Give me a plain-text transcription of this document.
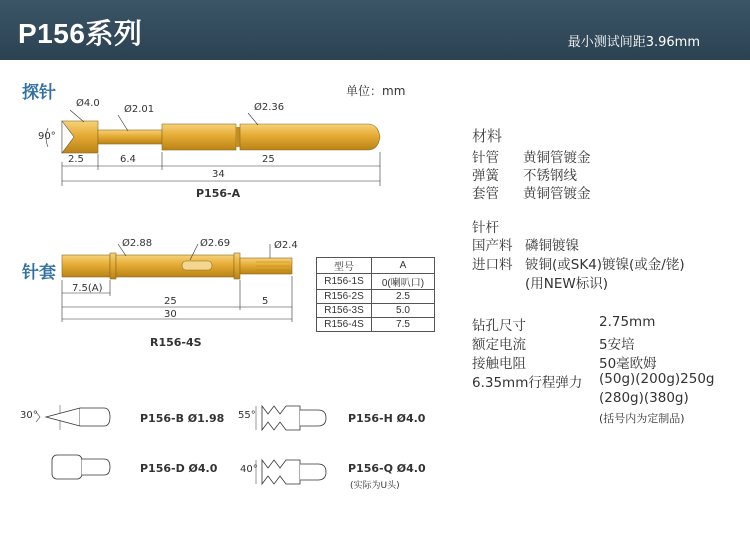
P156系列	最小测试间距3.96mm
探针	单位：mm
Ø4.0
Ø2.01	Ø2.36
90°
2.5	6.4	25
34
P156-A
针套
Ø2.88	Ø2.69	Ø2.4
7.5(A)
25	5
30
R156-4S
型号	A
R156-1S	0(喇叭口)
R156-2S	2.5
R156-3S	5.0
R156-4S	7.5
30°	P156-B Ø1.98 55°	P156-H Ø4.0
P156-D Ø4.0 40°	P156-Q Ø4.0
(实际为U头)
材料
针管 黄铜管镀金
弹簧 不锈钢线
套管 黄铜管镀金
针杆
国产料 磷铜镀镍
进口料 铍铜(或SK4)镀镍(或金/铑)
(用NEW标识)
钻孔尺寸	2.75mm
额定电流	5安培
接触电阻	50毫欧姆
6.35mm行程弹力 (50g)(200g)250g
(280g)(380g)
(括号内为定制品)
